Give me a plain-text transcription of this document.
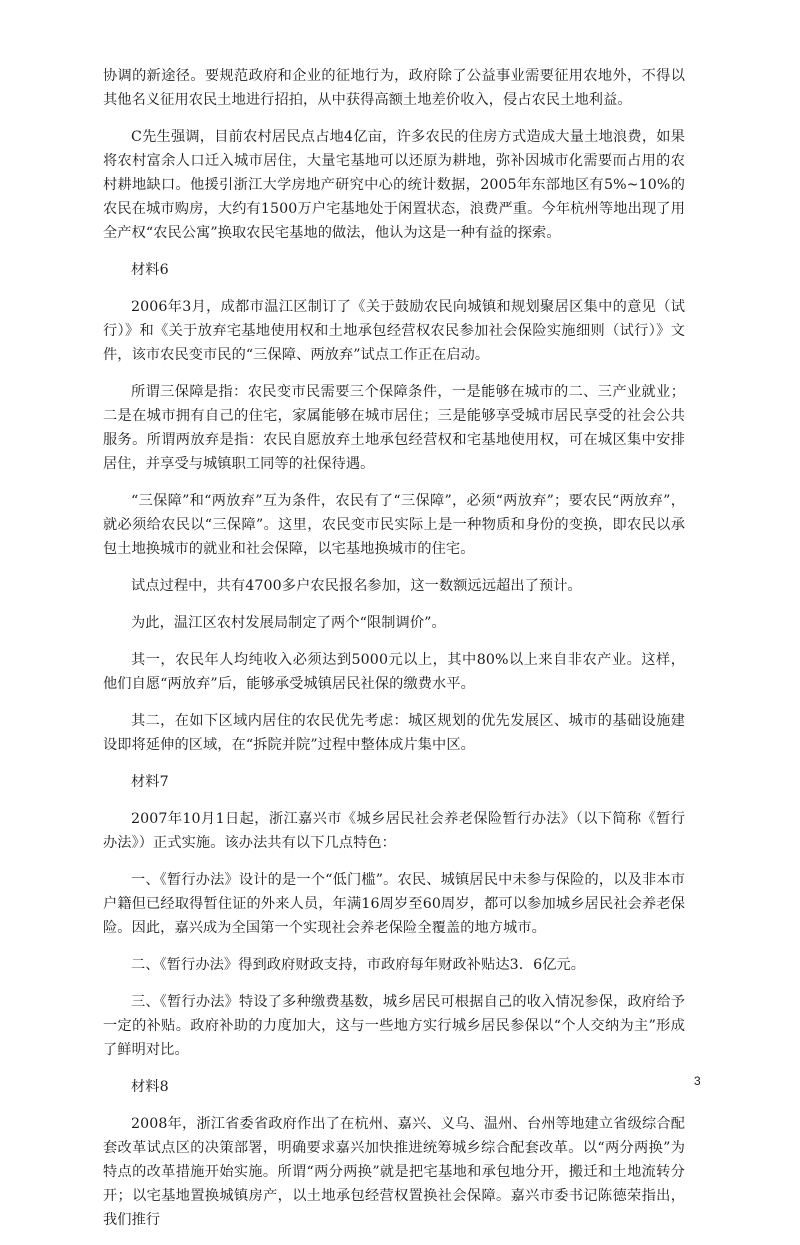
协调的新途径。要规范政府和企业的征地行为，政府除了公益事业需要征用农地外，不得以其他名义征用农民土地进行招拍，从中获得高额土地差价收入，侵占农民土地利益。

C先生强调，目前农村居民点占地4亿亩，许多农民的住房方式造成大量土地浪费，如果将农村富余人口迁入城市居住，大量宅基地可以还原为耕地，弥补因城市化需要而占用的农村耕地缺口。他援引浙江大学房地产研究中心的统计数据，2005年东部地区有5%~10%的农民在城市购房，大约有1500万户宅基地处于闲置状态，浪费严重。今年杭州等地出现了用全产权“农民公寓”换取农民宅基地的做法，他认为这是一种有益的探索。

材料6

2006年3月，成都市温江区制订了《关于鼓励农民向城镇和规划聚居区集中的意见（试行）》和《关于放弃宅基地使用权和土地承包经营权农民参加社会保险实施细则（试行）》文件，该市农民变市民的“三保障、两放弃”试点工作正在启动。

所谓三保障是指：农民变市民需要三个保障条件，一是能够在城市的二、三产业就业；二是在城市拥有自己的住宅，家属能够在城市居住；三是能够享受城市居民享受的社会公共服务。所谓两放弃是指：农民自愿放弃土地承包经营权和宅基地使用权，可在城区集中安排居住，并享受与城镇职工同等的社保待遇。

“三保障”和“两放弃”互为条件，农民有了“三保障”，必须“两放弃”；要农民“两放弃”，就必须给农民以“三保障”。这里，农民变市民实际上是一种物质和身份的变换，即农民以承包土地换城市的就业和社会保障，以宅基地换城市的住宅。

试点过程中，共有4700多户农民报名参加，这一数额远远超出了预计。

为此，温江区农村发展局制定了两个“限制调价”。

其一，农民年人均纯收入必须达到5000元以上，其中80%以上来自非农产业。这样，他们自愿“两放弃”后，能够承受城镇居民社保的缴费水平。

其二，在如下区域内居住的农民优先考虑：城区规划的优先发展区、城市的基础设施建设即将延伸的区域，在“拆院并院”过程中整体成片集中区。

材料7

2007年10月1日起，浙江嘉兴市《城乡居民社会养老保险暂行办法》（以下简称《暂行办法》）正式实施。该办法共有以下几点特色：

一、《暂行办法》设计的是一个“低门槛”。农民、城镇居民中未参与保险的，以及非本市户籍但已经取得暂住证的外来人员，年满16周岁至60周岁，都可以参加城乡居民社会养老保险。因此，嘉兴成为全国第一个实现社会养老保险全覆盖的地方城市。

二、《暂行办法》得到政府财政支持，市政府每年财政补贴达3．6亿元。

三、《暂行办法》特设了多种缴费基数，城乡居民可根据自己的收入情况参保，政府给予一定的补贴。政府补助的力度加大，这与一些地方实行城乡居民参保以“个人交纳为主”形成了鲜明对比。

材料8

2008年，浙江省委省政府作出了在杭州、嘉兴、义乌、温州、台州等地建立省级综合配套改革试点区的决策部署，明确要求嘉兴加快推进统筹城乡综合配套改革。以“两分两换”为特点的改革措施开始实施。所谓“两分两换”就是把宅基地和承包地分开，搬迁和土地流转分开；以宅基地置换城镇房产，以土地承包经营权置换社会保障。嘉兴市委书记陈德荣指出，我们推行

3
